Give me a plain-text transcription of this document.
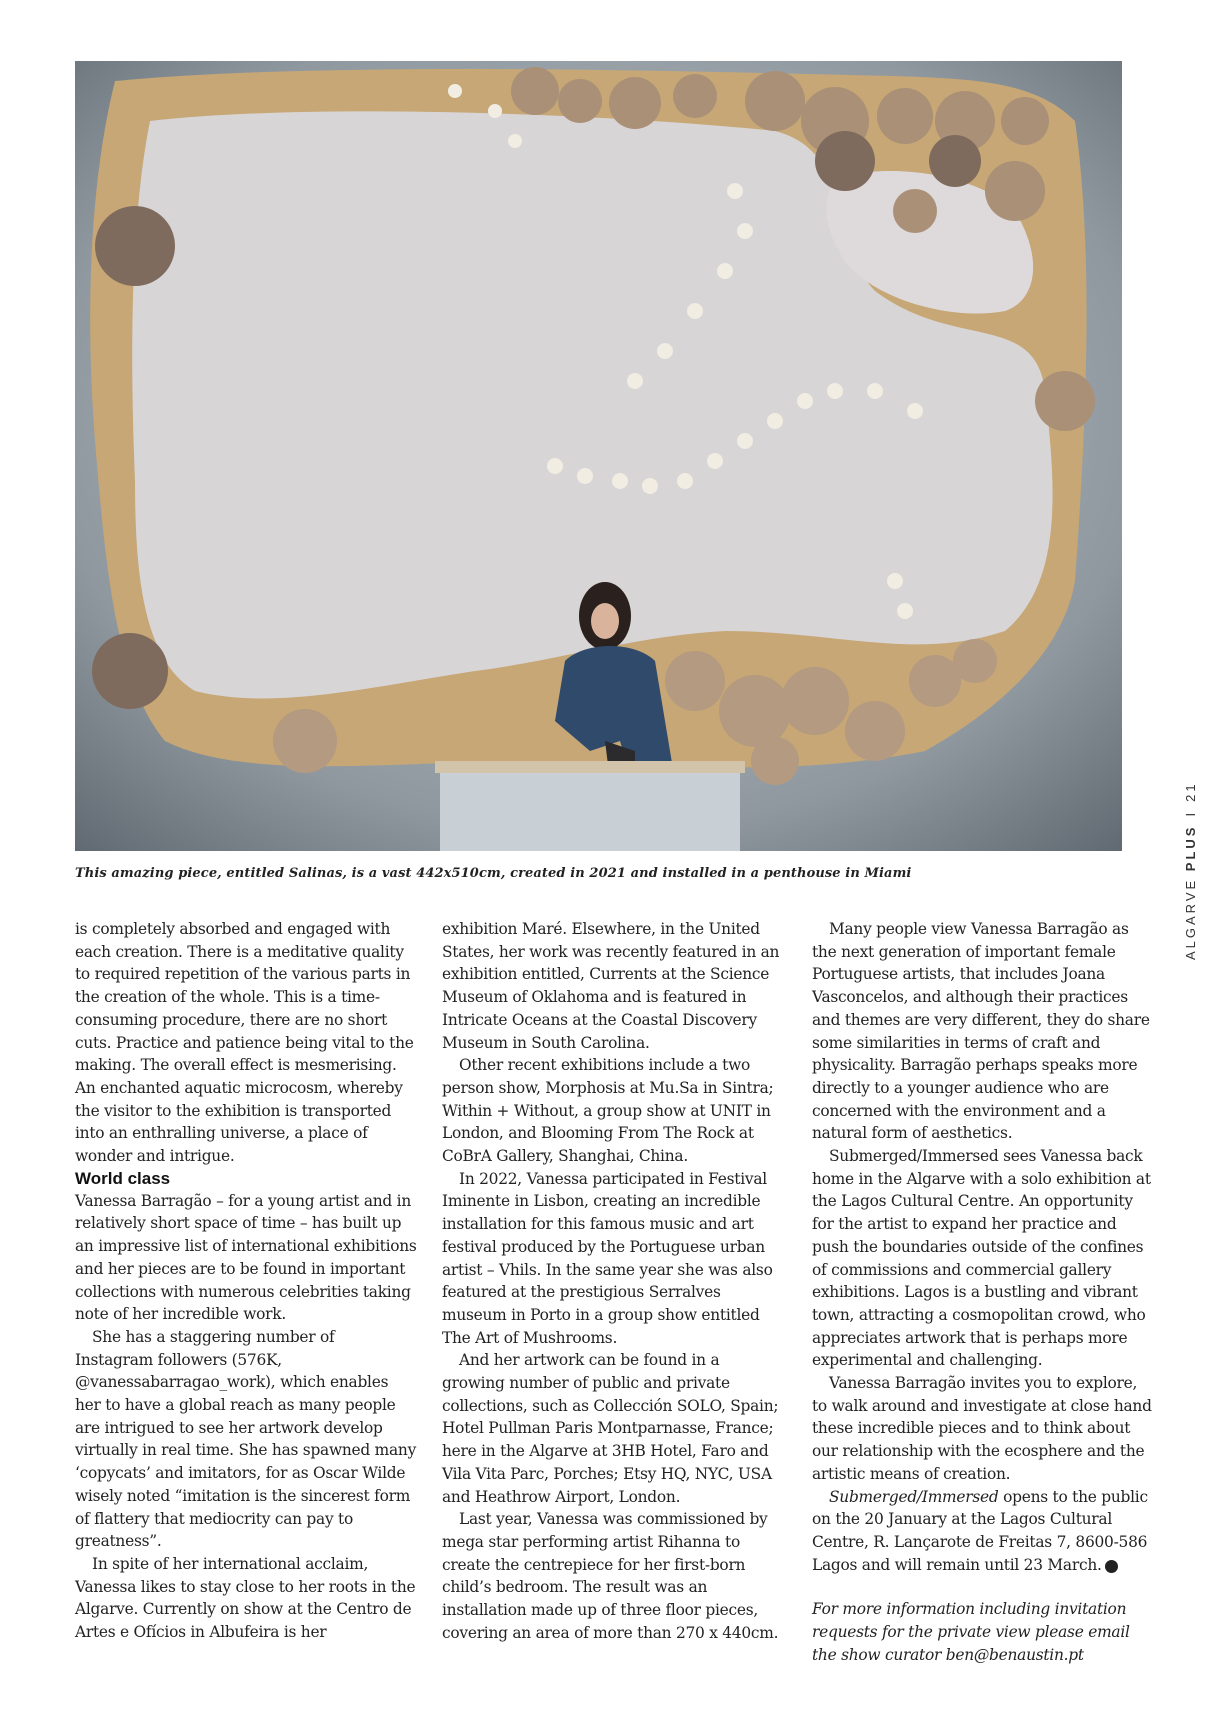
This amazing piece, entitled Salinas, is a vast 442x510cm, created in 2021 and installed in a penthouse in Miami

is completely absorbed and engaged with each creation. There is a meditative quality to required repetition of the various parts in the creation of the whole. This is a time-consuming procedure, there are no short cuts. Practice and patience being vital to the making. The overall effect is mesmerising. An enchanted aquatic microcosm, whereby the visitor to the exhibition is transported into an enthralling universe, a place of wonder and intrigue.

World class

Vanessa Barragão – for a young artist and in relatively short space of time – has built up an impressive list of international exhibitions and her pieces are to be found in important collections with numerous celebrities taking note of her incredible work.

She has a staggering number of Instagram followers (576K, @vanessabarragao_work), which enables her to have a global reach as many people are intrigued to see her artwork develop virtually in real time. She has spawned many ‘copycats’ and imitators, for as Oscar Wilde wisely noted “imitation is the sincerest form of flattery that mediocrity can pay to greatness”.

In spite of her international acclaim, Vanessa likes to stay close to her roots in the Algarve. Currently on show at the Centro de Artes e Ofícios in Albufeira is her

exhibition Maré. Elsewhere, in the United States, her work was recently featured in an exhibition entitled, Currents at the Science Museum of Oklahoma and is featured in Intricate Oceans at the Coastal Discovery Museum in South Carolina.

Other recent exhibitions include a two person show, Morphosis at Mu.Sa in Sintra; Within + Without, a group show at UNIT in London, and Blooming From The Rock at CoBrA Gallery, Shanghai, China.

In 2022, Vanessa participated in Festival Iminente in Lisbon, creating an incredible installation for this famous music and art festival produced by the Portuguese urban artist – Vhils. In the same year she was also featured at the prestigious Serralves museum in Porto in a group show entitled The Art of Mushrooms.

And her artwork can be found in a growing number of public and private collections, such as Collección SOLO, Spain; Hotel Pullman Paris Montparnasse, France; here in the Algarve at 3HB Hotel, Faro and Vila Vita Parc, Porches; Etsy HQ, NYC, USA and Heathrow Airport, London.

Last year, Vanessa was commissioned by mega star performing artist Rihanna to create the centrepiece for her first-born child’s bedroom. The result was an installation made up of three floor pieces, covering an area of more than 270 x 440cm.

Many people view Vanessa Barragão as the next generation of important female Portuguese artists, that includes Joana Vasconcelos, and although their practices and themes are very different, they do share some similarities in terms of craft and physicality. Barragão perhaps speaks more directly to a younger audience who are concerned with the environment and a natural form of aesthetics.

Submerged/Immersed sees Vanessa back home in the Algarve with a solo exhibition at the Lagos Cultural Centre. An opportunity for the artist to expand her practice and push the boundaries outside of the confines of commissions and commercial gallery exhibitions. Lagos is a bustling and vibrant town, attracting a cosmopolitan crowd, who appreciates artwork that is perhaps more experimental and challenging.

Vanessa Barragão invites you to explore, to walk around and investigate at close hand these incredible pieces and to think about our relationship with the ecosphere and the artistic means of creation.

Submerged/Immersed opens to the public on the 20 January at the Lagos Cultural Centre, R. Lançarote de Freitas 7, 8600-586 Lagos and will remain until 23 March.	AP

For more information including invitation requests for the private view please email the show curator ben@benaustin.pt

ALGARVE PLUSI21
